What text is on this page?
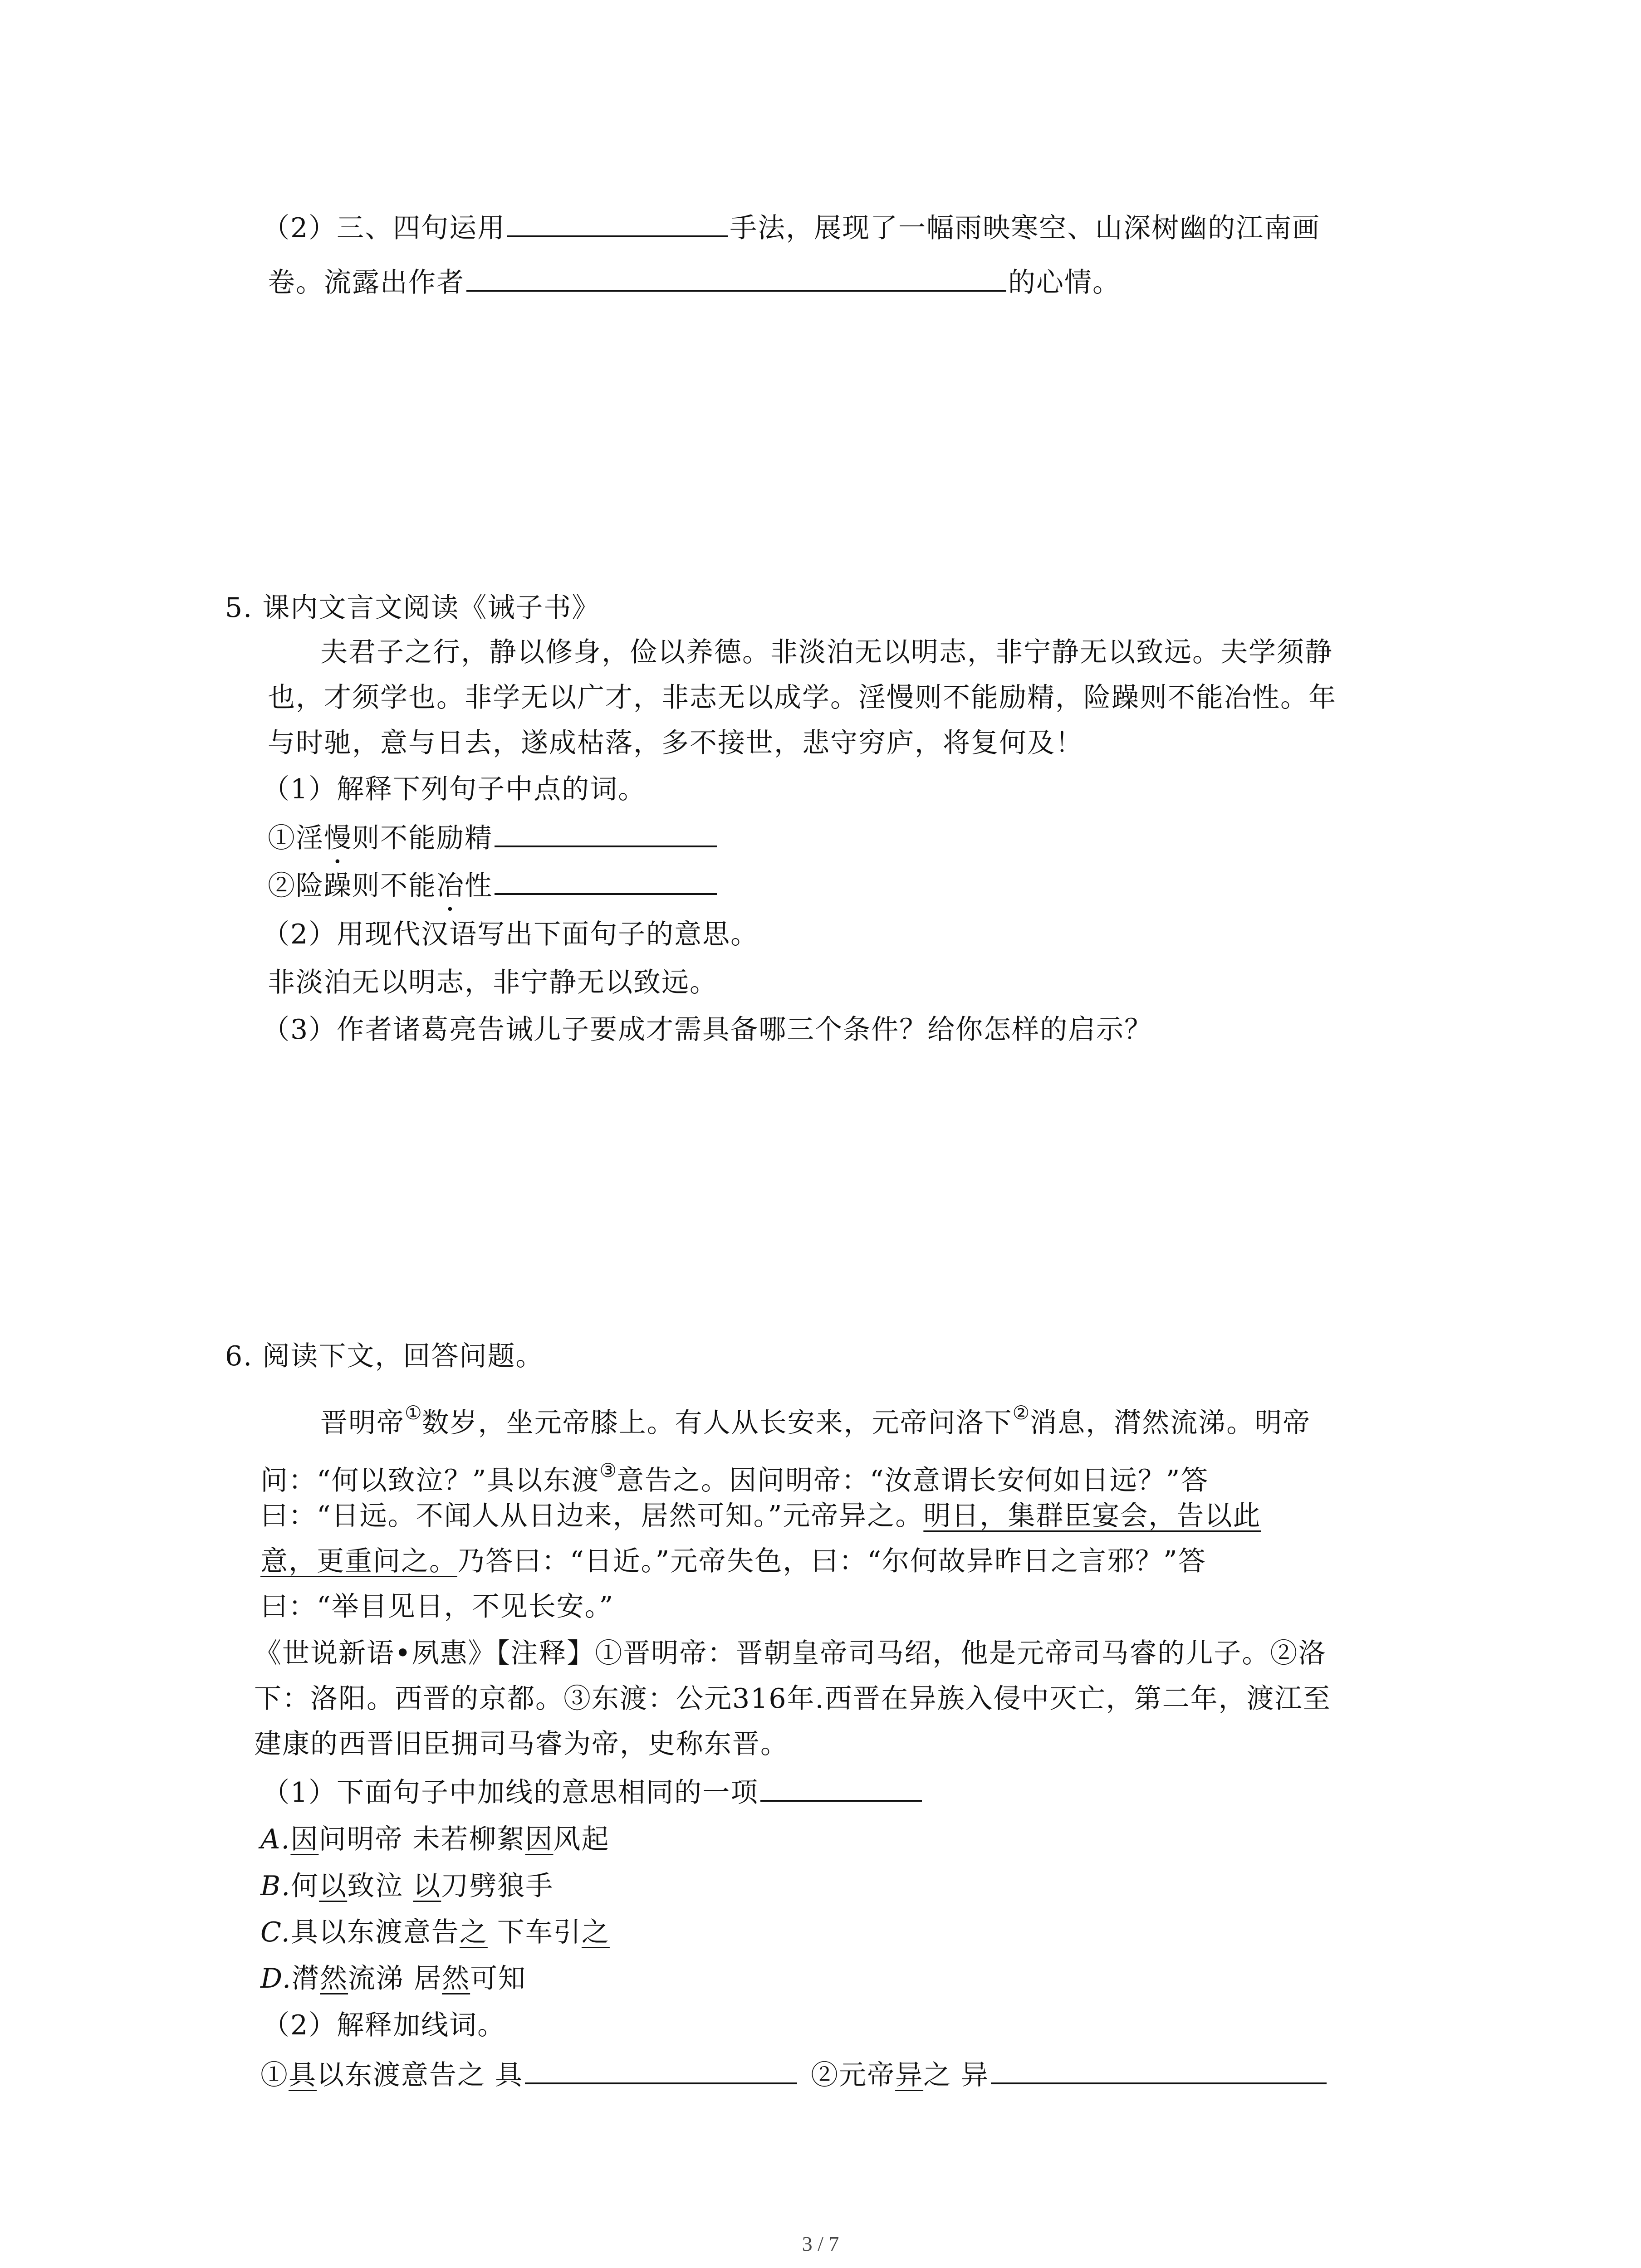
（2）三、四句运用	手法，展现了一幅雨映寒空、山深树幽的江南画
卷。流露出作者	的心情。
5. 课内文言文阅读《诫子书》
夫君子之行，静以修身，俭以养德。非淡泊无以明志，非宁静无以致远。夫学须静
也，才须学也。非学无以广才，非志无以成学。淫慢则不能励精，险躁则不能冶性。年
与时驰，意与日去，遂成枯落，多不接世，悲守穷庐，将复何及！
（1）解释下列句子中点的词。
①淫慢则不能励精
②险躁则不能冶性
（2）用现代汉语写出下面句子的意思。
非淡泊无以明志，非宁静无以致远。
（3）作者诸葛亮告诫儿子要成才需具备哪三个条件？给你怎样的启示？
6. 阅读下文，回答问题。
晋明帝①数岁，坐元帝膝上。有人从长安来，元帝问洛下②消息，潸然流涕。明帝
问：“何以致泣？”具以东渡③意告之。因问明帝：“汝意谓长安何如日远？”答
曰：“日远。不闻人从日边来，居然可知。”元帝异之。明日，集群臣宴会，告以此
意，更重问之。乃答曰：“日近。”元帝失色，曰：“尔何故异昨日之言邪？”答
曰：“举目见日，不见长安。”
《世说新语•夙惠》【注释】①晋明帝：晋朝皇帝司马绍，他是元帝司马睿的儿子。②洛
下：洛阳。西晋的京都。③东渡：公元316年.西晋在异族入侵中灭亡，第二年，渡江至
建康的西晋旧臣拥司马睿为帝，史称东晋。
（1）下面句子中加线的意思相同的一项
A.因问明帝 未若柳絮因风起
B.何以致泣 以刀劈狼手
C.具以东渡意告之 下车引之
D.潸然流涕 居然可知
（2）解释加线词。
①具以东渡意告之 具	②元帝异之 异
3 / 7
